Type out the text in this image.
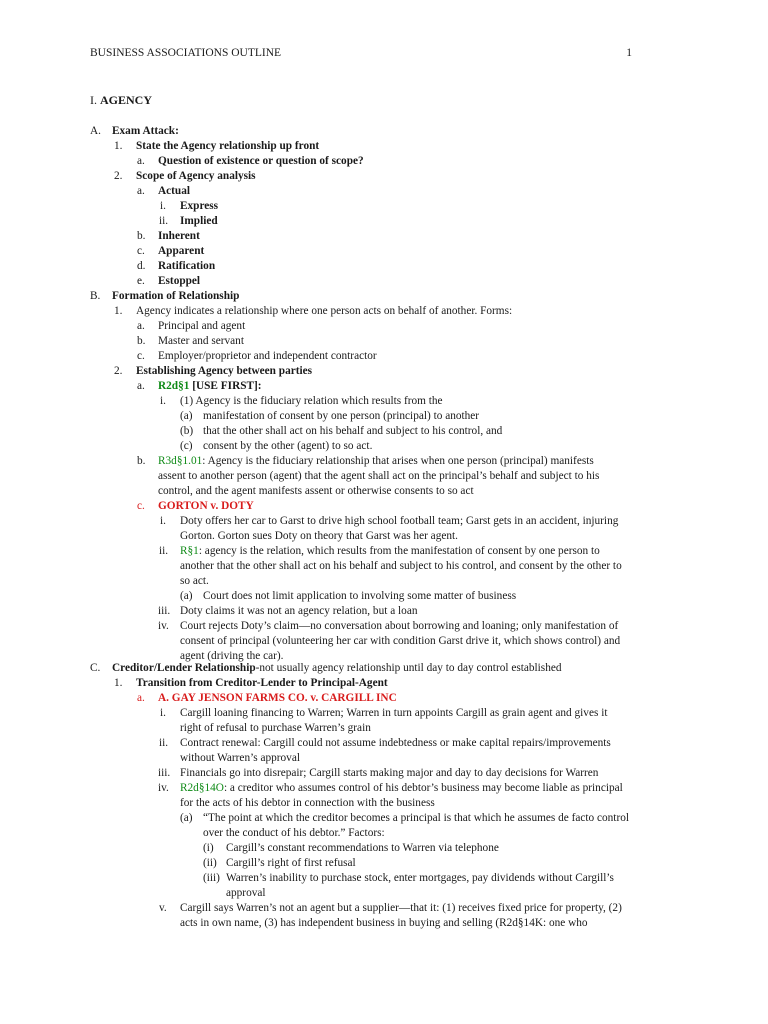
BUSINESS ASSOCIATIONS OUTLINE	1
I. AGENCY
A. Exam Attack:
1. State the Agency relationship up front
a. Question of existence or question of scope?
2. Scope of Agency analysis
a. Actual
i. Express
ii. Implied
b. Inherent
c. Apparent
d. Ratification
e. Estoppel
B. Formation of Relationship
1. Agency indicates a relationship where one person acts on behalf of another. Forms:
a. Principal and agent
b. Master and servant
c. Employer/proprietor and independent contractor
2. Establishing Agency between parties
a. R2d§1 [USE FIRST]:
i. (1) Agency is the fiduciary relation which results from the
(a) manifestation of consent by one person (principal) to another
(b) that the other shall act on his behalf and subject to his control, and
(c) consent by the other (agent) to so act.
b. R3d§1.01: Agency is the fiduciary relationship that arises when one person (principal) manifests
assent to another person (agent) that the agent shall act on the principal’s behalf and subject to his
control, and the agent manifests assent or otherwise consents to so act
c. GORTON v. DOTY
i. Doty offers her car to Garst to drive high school football team; Garst gets in an accident, injuring
Gorton. Gorton sues Doty on theory that Garst was her agent.
ii. R§1: agency is the relation, which results from the manifestation of consent by one person to
another that the other shall act on his behalf and subject to his control, and consent by the other to
so act.
(a) Court does not limit application to involving some matter of business
iii. Doty claims it was not an agency relation, but a loan
iv. Court rejects Doty’s claim—no conversation about borrowing and loaning; only manifestation of
consent of principal (volunteering her car with condition Garst drive it, which shows control) and
agent (driving the car).
C. Creditor/Lender Relationship-not usually agency relationship until day to day control established
1. Transition from Creditor-Lender to Principal-Agent
a. A. GAY JENSON FARMS CO. v. CARGILL INC
i. Cargill loaning financing to Warren; Warren in turn appoints Cargill as grain agent and gives it
right of refusal to purchase Warren’s grain
ii. Contract renewal: Cargill could not assume indebtedness or make capital repairs/improvements
without Warren’s approval
iii. Financials go into disrepair; Cargill starts making major and day to day decisions for Warren
iv. R2d§14O: a creditor who assumes control of his debtor’s business may become liable as principal
for the acts of his debtor in connection with the business
(a) “The point at which the creditor becomes a principal is that which he assumes de facto control
over the conduct of his debtor.” Factors:
(i) Cargill’s constant recommendations to Warren via telephone
(ii) Cargill’s right of first refusal
(iii) Warren’s inability to purchase stock, enter mortgages, pay dividends without Cargill’s
approval
v. Cargill says Warren’s not an agent but a supplier—that it: (1) receives fixed price for property, (2)
acts in own name, (3) has independent business in buying and selling (R2d§14K: one who
